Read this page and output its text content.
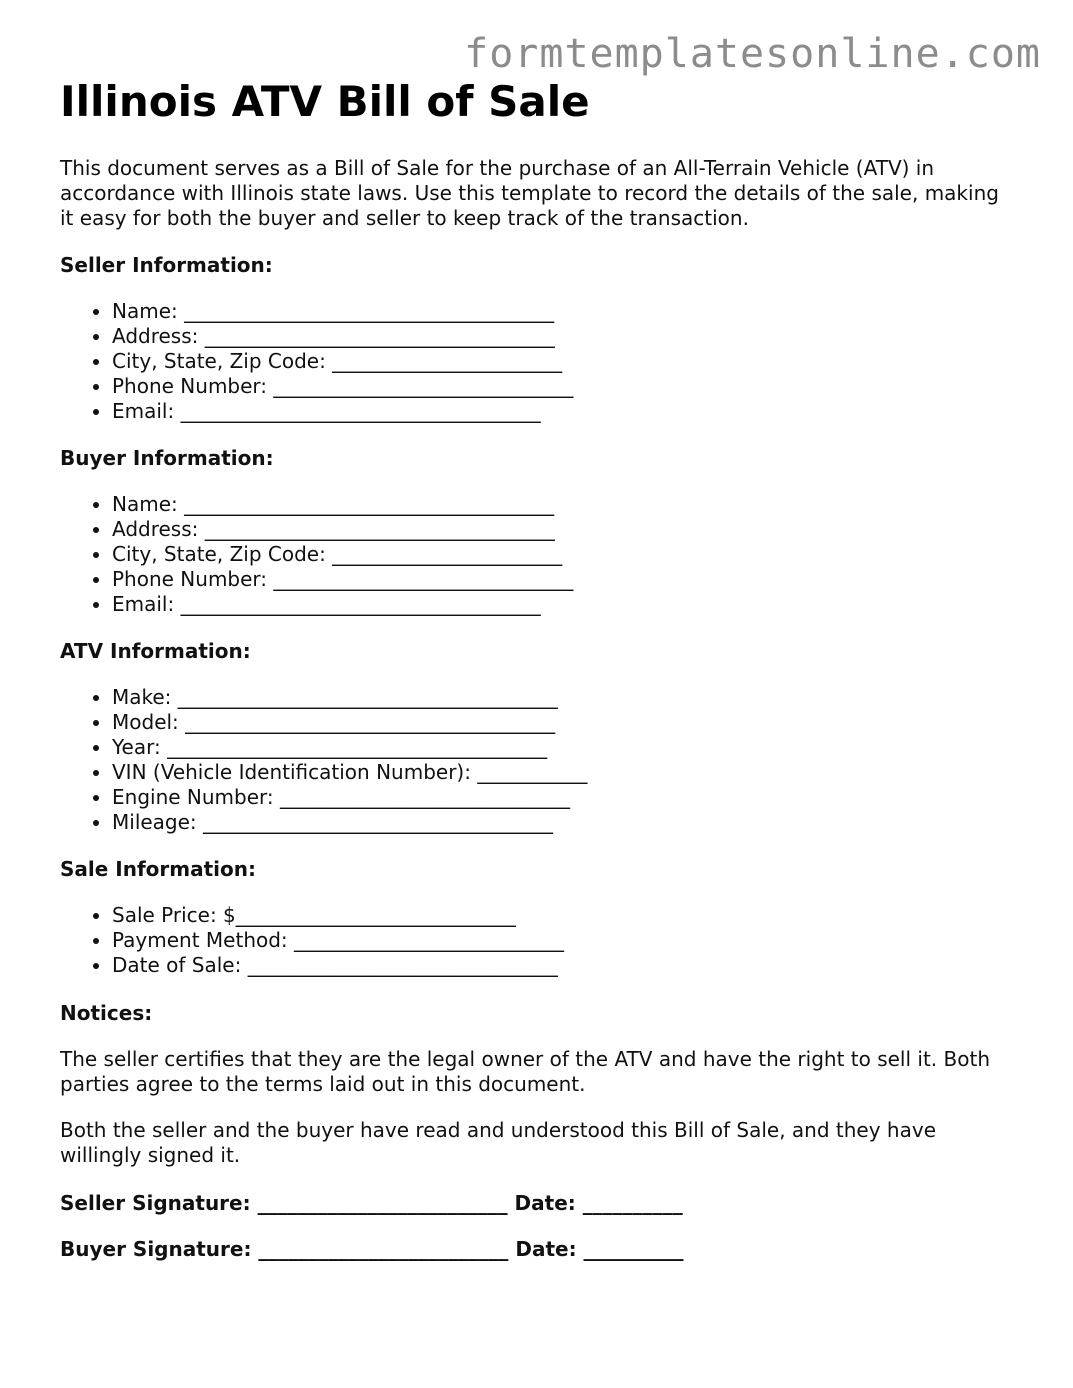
formtemplatesonline.com
Illinois ATV Bill of Sale

This document serves as a Bill of Sale for the purchase of an All-Terrain Vehicle (ATV) in accordance with Illinois state laws. Use this template to record the details of the sale, making it easy for both the buyer and seller to keep track of the transaction.

Seller Information:
• Name: _____________________________________
• Address: ___________________________________
• City, State, Zip Code: _______________________
• Phone Number: ______________________________
• Email: ____________________________________
Buyer Information:
• Name: _____________________________________
• Address: ___________________________________
• City, State, Zip Code: _______________________
• Phone Number: ______________________________
• Email: ____________________________________
ATV Information:
• Make: ______________________________________
• Model: _____________________________________
• Year: ______________________________________
• VIN (Vehicle Identification Number): ___________
• Engine Number: _____________________________
• Mileage: ___________________________________
Sale Information:
• Sale Price: $____________________________
• Payment Method: ___________________________
• Date of Sale: _______________________________
Notices:

The seller certifies that they are the legal owner of the ATV and have the right to sell it. Both parties agree to the terms laid out in this document.

Both the seller and the buyer have read and understood this Bill of Sale, and they have willingly signed it.

Seller Signature: _________________________ Date: __________

Buyer Signature: _________________________ Date: __________
